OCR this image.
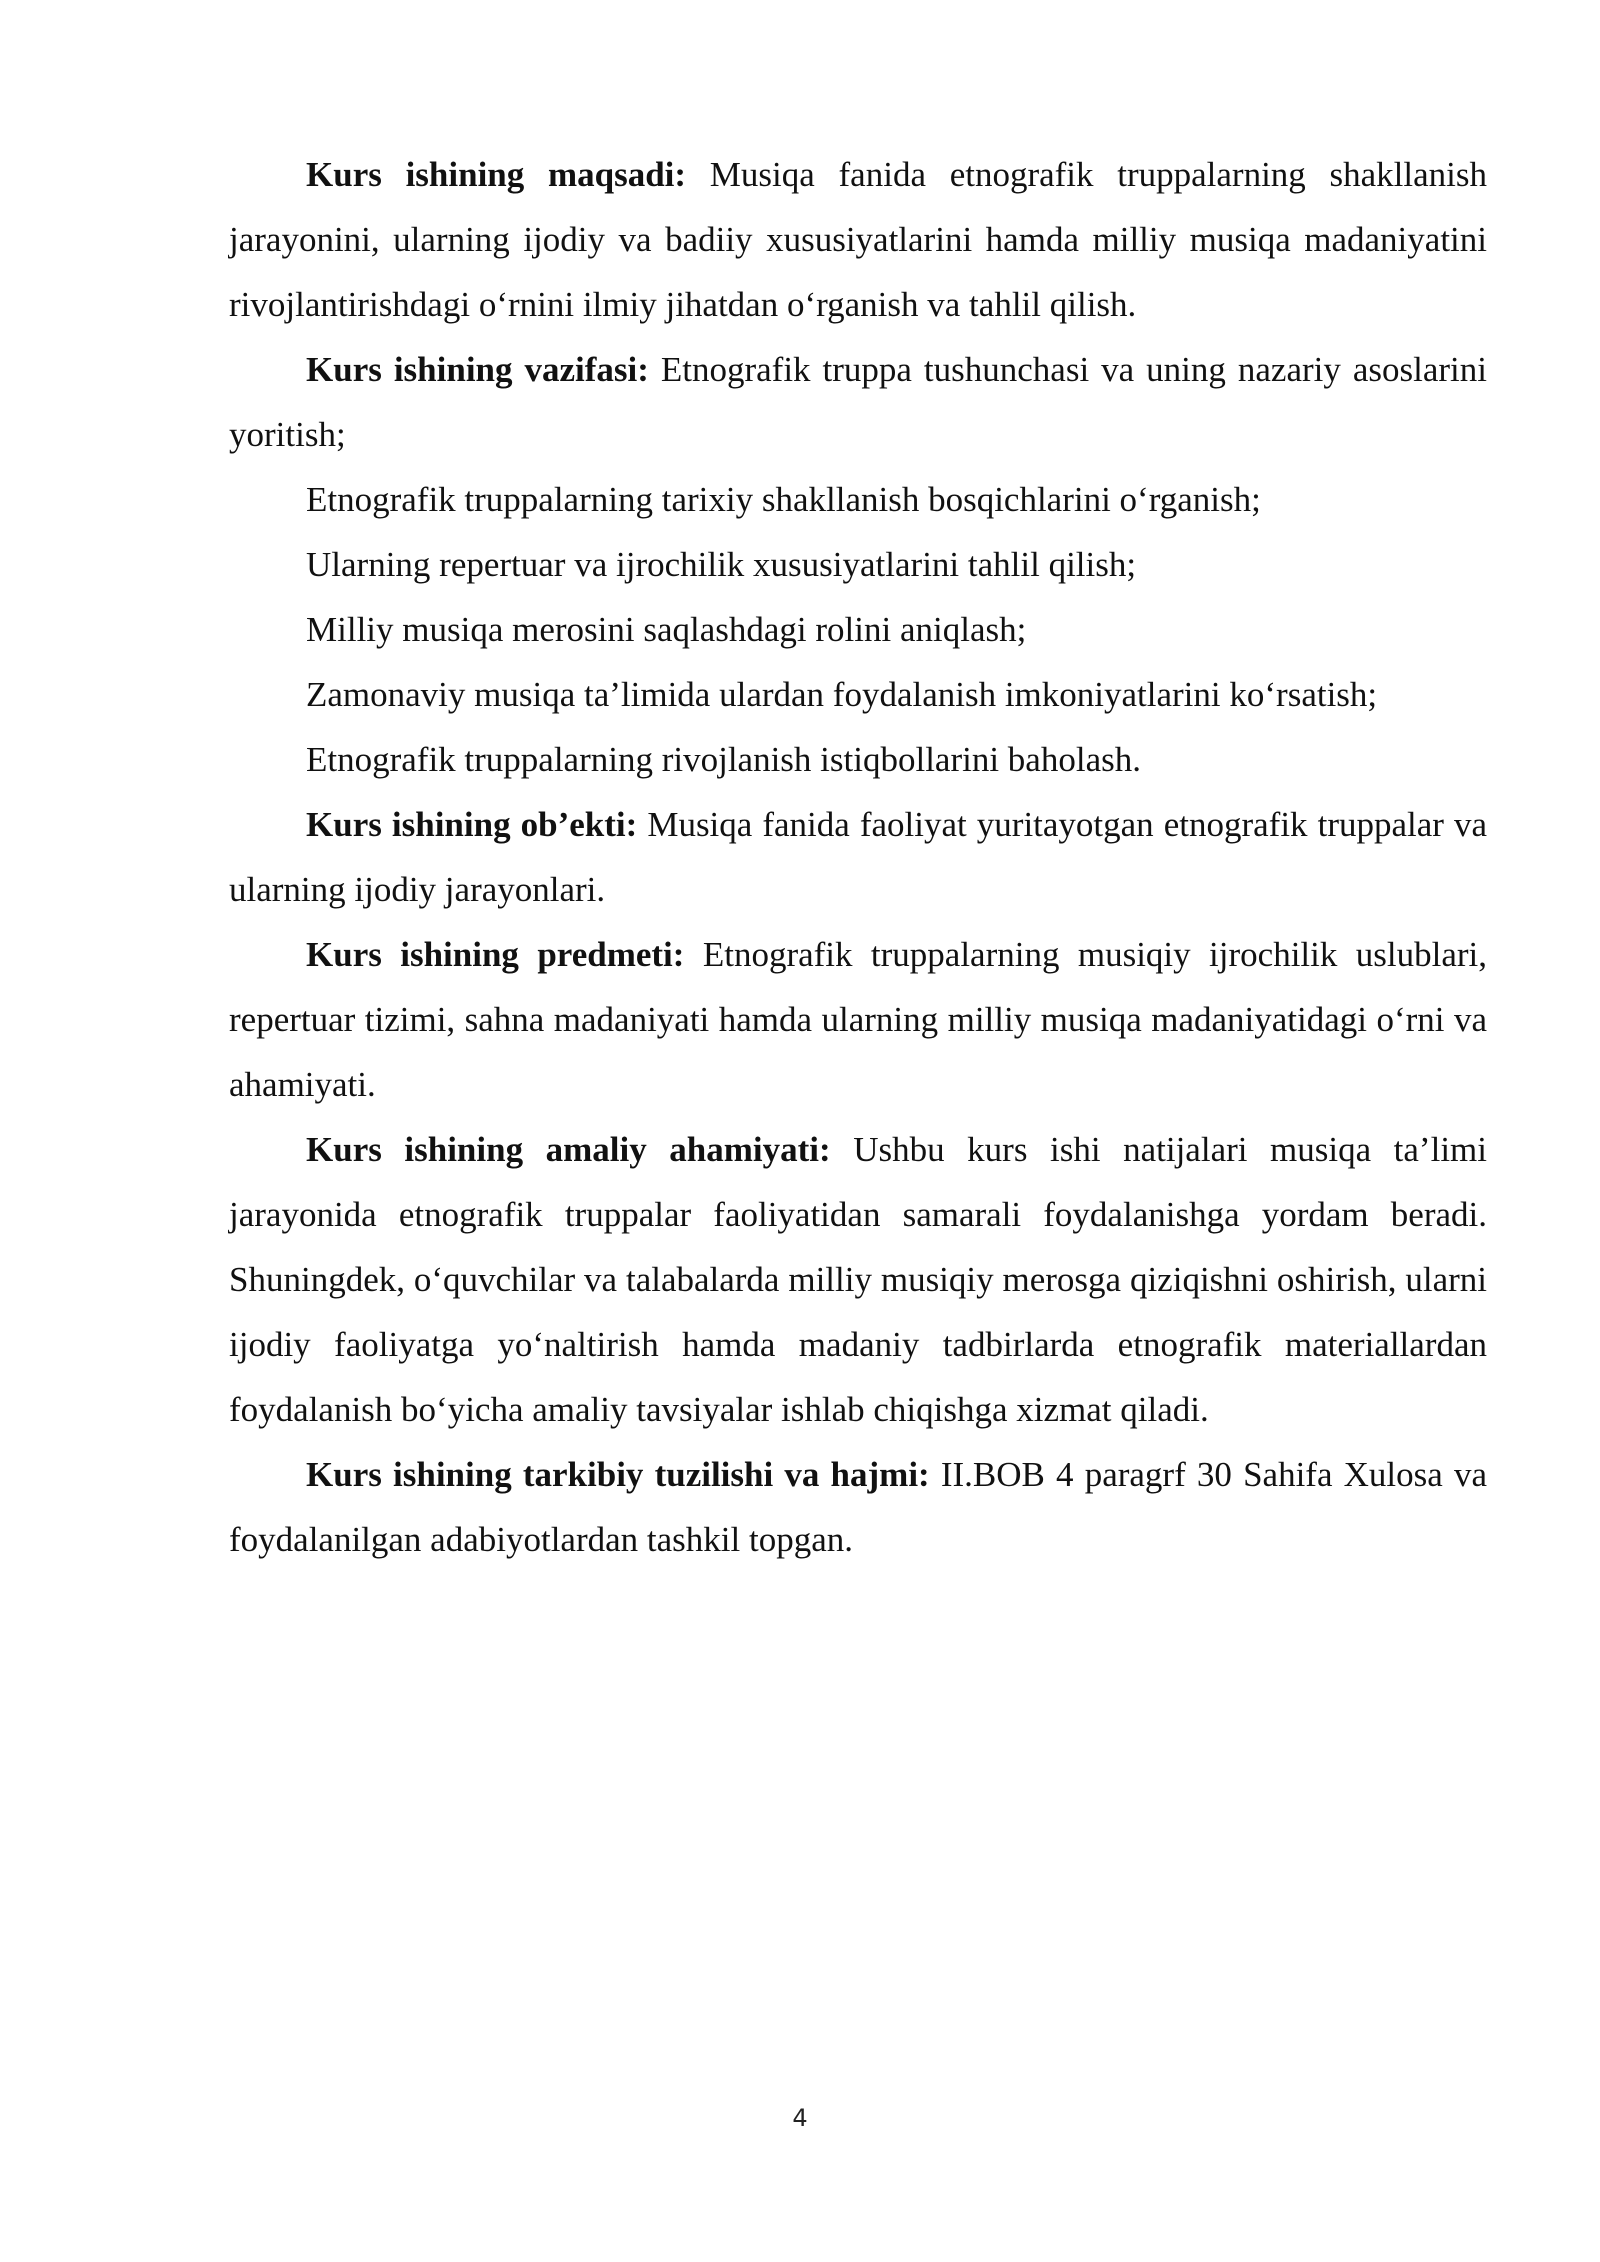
Kurs ishining maqsadi: Musiqa fanida etnografik truppalarning shakllanish jarayonini, ularning ijodiy va badiiy xususiyatlarini hamda milliy musiqa madaniyatini rivojlantirishdagi o‘rnini ilmiy jihatdan o‘rganish va tahlil qilish.

Kurs ishining vazifasi: Etnografik truppa tushunchasi va uning nazariy asoslarini yoritish;

Etnografik truppalarning tarixiy shakllanish bosqichlarini o‘rganish;

Ularning repertuar va ijrochilik xususiyatlarini tahlil qilish;

Milliy musiqa merosini saqlashdagi rolini aniqlash;

Zamonaviy musiqa ta’limida ulardan foydalanish imkoniyatlarini ko‘rsatish;

Etnografik truppalarning rivojlanish istiqbollarini baholash.

Kurs ishining ob’ekti: Musiqa fanida faoliyat yuritayotgan etnografik truppalar va ularning ijodiy jarayonlari.

Kurs ishining predmeti: Etnografik truppalarning musiqiy ijrochilik uslublari, repertuar tizimi, sahna madaniyati hamda ularning milliy musiqa madaniyatidagi o‘rni va ahamiyati.

Kurs ishining amaliy ahamiyati: Ushbu kurs ishi natijalari musiqa ta’limi jarayonida etnografik truppalar faoliyatidan samarali foydalanishga yordam beradi. Shuningdek, o‘quvchilar va talabalarda milliy musiqiy merosga qiziqishni oshirish, ularni ijodiy faoliyatga yo‘naltirish hamda madaniy tadbirlarda etnografik materiallardan foydalanish bo‘yicha amaliy tavsiyalar ishlab chiqishga xizmat qiladi.

Kurs ishining tarkibiy tuzilishi va hajmi: II.BOB 4 paragrf 30 Sahifa Xulosa va foydalanilgan adabiyotlardan tashkil topgan.

4
